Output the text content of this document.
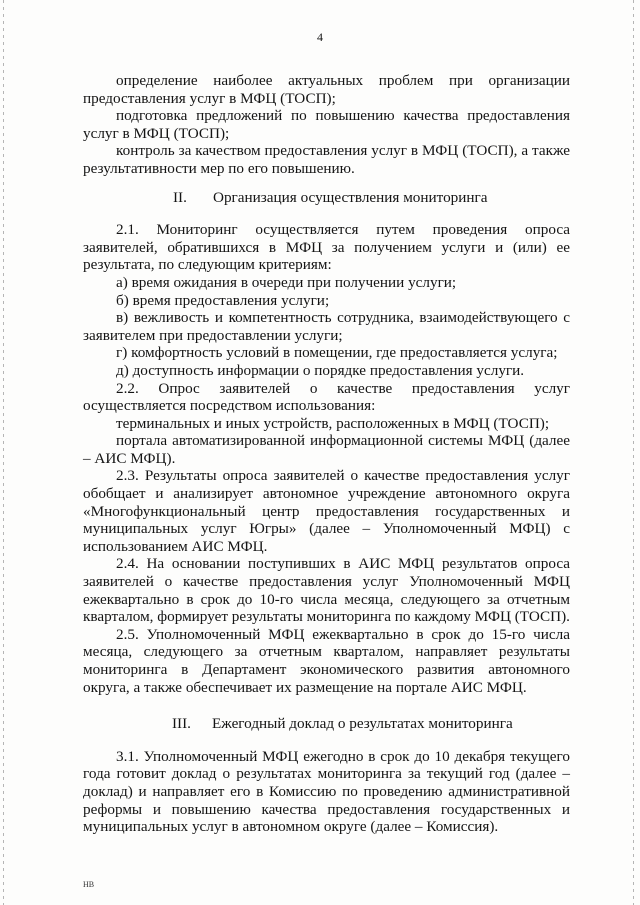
4

определение наиболее актуальных проблем при организации предоставления услуг в МФЦ (ТОСП);

подготовка предложений по повышению качества предоставления услуг в МФЦ (ТОСП);

контроль за качеством предоставления услуг в МФЦ (ТОСП), а также результативности мер по его повышению.

II. Организация осуществления мониторинга

2.1. Мониторинг осуществляется путем проведения опроса заявителей, обратившихся в МФЦ за получением услуги и (или) ее результата, по следующим критериям:

а) время ожидания в очереди при получении услуги;

б) время предоставления услуги;

в) вежливость и компетентность сотрудника, взаимодействующего с заявителем при предоставлении услуги;

г) комфортность условий в помещении, где предоставляется услуга;

д) доступность информации о порядке предоставления услуги.

2.2. Опрос заявителей о качестве предоставления услуг осуществляется посредством использования:

терминальных и иных устройств, расположенных в МФЦ (ТОСП);

портала автоматизированной информационной системы МФЦ (далее – АИС МФЦ).

2.3. Результаты опроса заявителей о качестве предоставления услуг обобщает и анализирует автономное учреждение автономного округа «Многофункциональный центр предоставления государственных и муниципальных услуг Югры» (далее – Уполномоченный МФЦ) с использованием АИС МФЦ.

2.4. На основании поступивших в АИС МФЦ результатов опроса заявителей о качестве предоставления услуг Уполномоченный МФЦ ежеквартально в срок до 10-го числа месяца, следующего за отчетным кварталом, формирует результаты мониторинга по каждому МФЦ (ТОСП).

2.5. Уполномоченный МФЦ ежеквартально в срок до 15-го числа месяца, следующего за отчетным кварталом, направляет результаты мониторинга в Департамент экономического развития автономного округа, а также обеспечивает их размещение на портале АИС МФЦ.

III. Ежегодный доклад о результатах мониторинга

3.1. Уполномоченный МФЦ ежегодно в срок до 10 декабря текущего года готовит доклад о результатах мониторинга за текущий год (далее – доклад) и направляет его в Комиссию по проведению административной реформы и повышению качества предоставления государственных и муниципальных услуг в автономном округе (далее – Комиссия).

НВ
